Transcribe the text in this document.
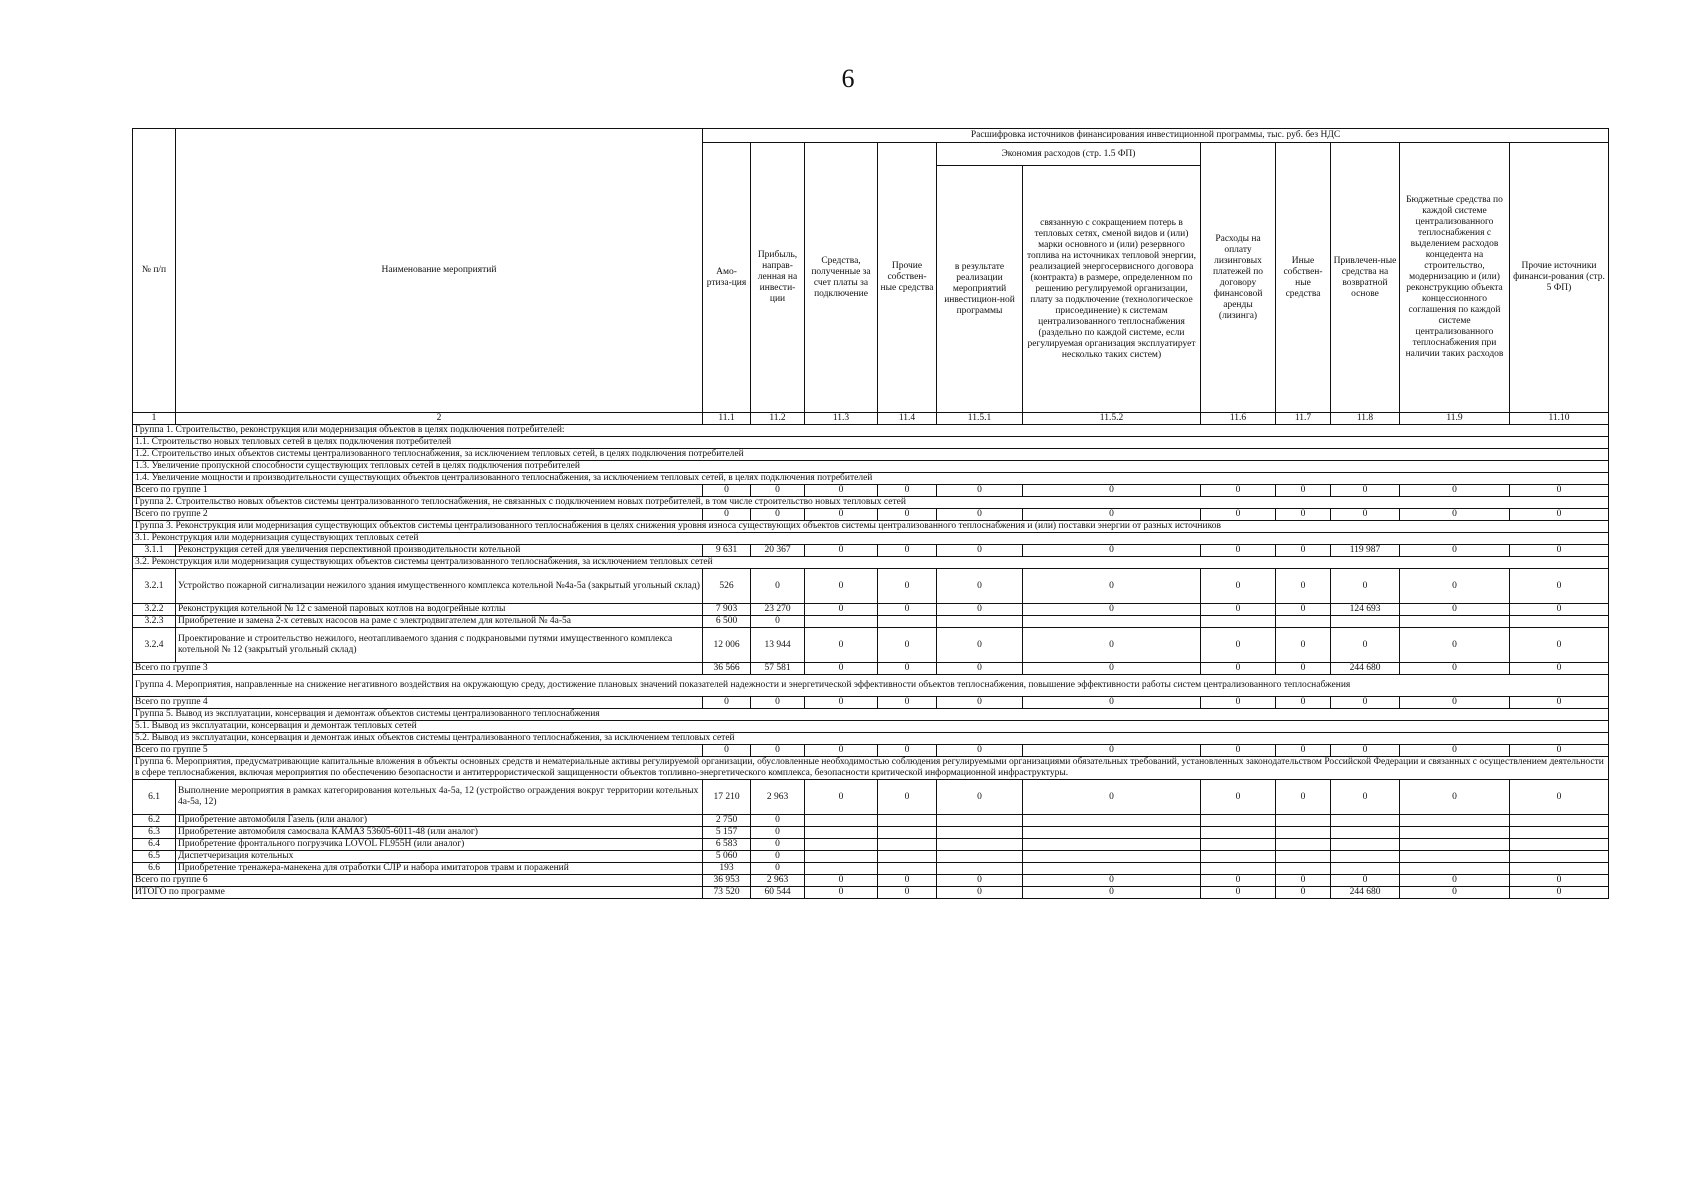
6
№ п/п	Наименование мероприятий	Расшифровка источников финансирования инвестиционной программы, тыс. руб. без НДС										
		Амо-ртиза-ция	Прибыль, направ-ленная на инвести-ции	Средства, полученные за счет платы за подключение	Прочие собствен-ные средства	Экономия расходов (стр. 1.5 ФП)		Расходы на оплату лизинговых платежей по договору финансовой аренды (лизинга)	Иные собствен-ные средства	Привлечен-ные средства на возвратной основе	Бюджетные средства по каждой системе централизованного теплоснабжения с выделением расходов концедента на строительство, модернизацию и (или) реконструкцию объекта концессионного соглашения по каждой системе централизованного теплоснабжения при наличии таких расходов	Прочие источники финанси-рования (стр. 5 ФП)
						в результате реализации мероприятий инвестицион-ной программы	связанную с сокращением потерь в тепловых сетях, сменой видов и (или) марки основного и (или) резервного топлива на источниках тепловой энергии, реализацией энергосервисного договора (контракта) в размере, определенном по решению регулируемой организации, плату за подключение (технологическое присоединение) к системам централизованного теплоснабжения (раздельно по каждой системе, если регулируемая организация эксплуатирует несколько таких систем)					
1	2	11.1	11.2	11.3	11.4	11.5.1	11.5.2	11.6	11.7	11.8	11.9	11.10
Группа 1. Строительство, реконструкция или модернизация объектов в целях подключения потребителей:												
1.1. Строительство новых тепловых сетей в целях подключения потребителей												
1.2. Строительство иных объектов системы централизованного теплоснабжения, за исключением тепловых сетей, в целях подключения потребителей												
1.3. Увеличение пропускной способности существующих тепловых сетей в целях подключения потребителей												
1.4. Увеличение мощности и производительности существующих объектов централизованного теплоснабжения, за исключением тепловых сетей, в целях подключения потребителей												
Всего по группе 1		0	0	0	0	0	0	0	0	0	0	0
Группа 2. Строительство новых объектов системы централизованного теплоснабжения, не связанных с подключением новых потребителей, в том числе строительство новых тепловых сетей												
Всего по группе 2		0	0	0	0	0	0	0	0	0	0	0
Группа 3. Реконструкция или модернизация существующих объектов системы централизованного теплоснабжения в целях снижения уровня износа существующих объектов системы централизованного теплоснабжения и (или) поставки энергии от разных источников												
3.1. Реконструкция или модернизация существующих тепловых сетей												
3.1.1	Реконструкция сетей для увеличения перспективной производительности котельной	9 631	20 367	0	0	0	0	0	0	119 987	0	0
3.2. Реконструкция или модернизация существующих объектов системы централизованного теплоснабжения, за исключением тепловых сетей												
3.2.1	Устройство пожарной сигнализации нежилого здания имущественного комплекса котельной №4а-5а (закрытый угольный склад)	526	0	0	0	0	0	0	0	0	0	0
3.2.2	Реконструкция котельной № 12 с заменой паровых котлов на водогрейные котлы	7 903	23 270	0	0	0	0	0	0	124 693	0	0
3.2.3	Приобретение и замена 2-х сетевых насосов на раме с электродвигателем для котельной № 4а-5а	6 500	0									
3.2.4	Проектирование и строительство нежилого, неотапливаемого здания с подкрановыми путями имущественного комплекса котельной № 12 (закрытый угольный склад)	12 006	13 944	0	0	0	0	0	0	0	0	0
Всего по группе 3		36 566	57 581	0	0	0	0	0	0	244 680	0	0
Группа 4. Мероприятия, направленные на снижение негативного воздействия на окружающую среду, достижение плановых значений показателей надежности и энергетической эффективности объектов теплоснабжения, повышение эффективности работы систем централизованного теплоснабжения												
Всего по группе 4		0	0	0	0	0	0	0	0	0	0	0
Группа 5. Вывод из эксплуатации, консервация и демонтаж объектов системы централизованного теплоснабжения												
5.1. Вывод из эксплуатации, консервация и демонтаж тепловых сетей												
5.2. Вывод из эксплуатации, консервация и демонтаж иных объектов системы централизованного теплоснабжения, за исключением тепловых сетей												
Всего по группе 5		0	0	0	0	0	0	0	0	0	0	0
Группа 6. Мероприятия, предусматривающие капитальные вложения в объекты основных средств и нематериальные активы регулируемой организации, обусловленные необходимостью соблюдения регулируемыми организациями обязательных требований, установленных законодательством Российской Федерации и связанных с осуществлением деятельности в сфере теплоснабжения, включая мероприятия по обеспечению безопасности и антитеррористической защищенности объектов топливно-энергетического комплекса, безопасности критической информационной инфраструктуры.												
6.1	Выполнение мероприятия в рамках категорирования котельных 4а-5а, 12 (устройство ограждения вокруг территории котельных 4а-5а, 12)	17 210	2 963	0	0	0	0	0	0	0	0	0
6.2	Приобретение автомобиля Газель (или аналог)	2 750	0									
6.3	Приобретение автомобиля самосвала КАМАЗ 53605-6011-48 (или аналог)	5 157	0									
6.4	Приобретение фронтального погрузчика LOVOL FL955H (или аналог)	6 583	0									
6.5	Диспетчеризация котельных	5 060	0									
6.6	Приобретение тренажера-манекена для отработки СЛР и набора имитаторов травм и поражений	193	0									
Всего по группе 6		36 953	2 963	0	0	0	0	0	0	0	0	0
ИТОГО по программе		73 520	60 544	0	0	0	0	0	0	244 680	0	0
